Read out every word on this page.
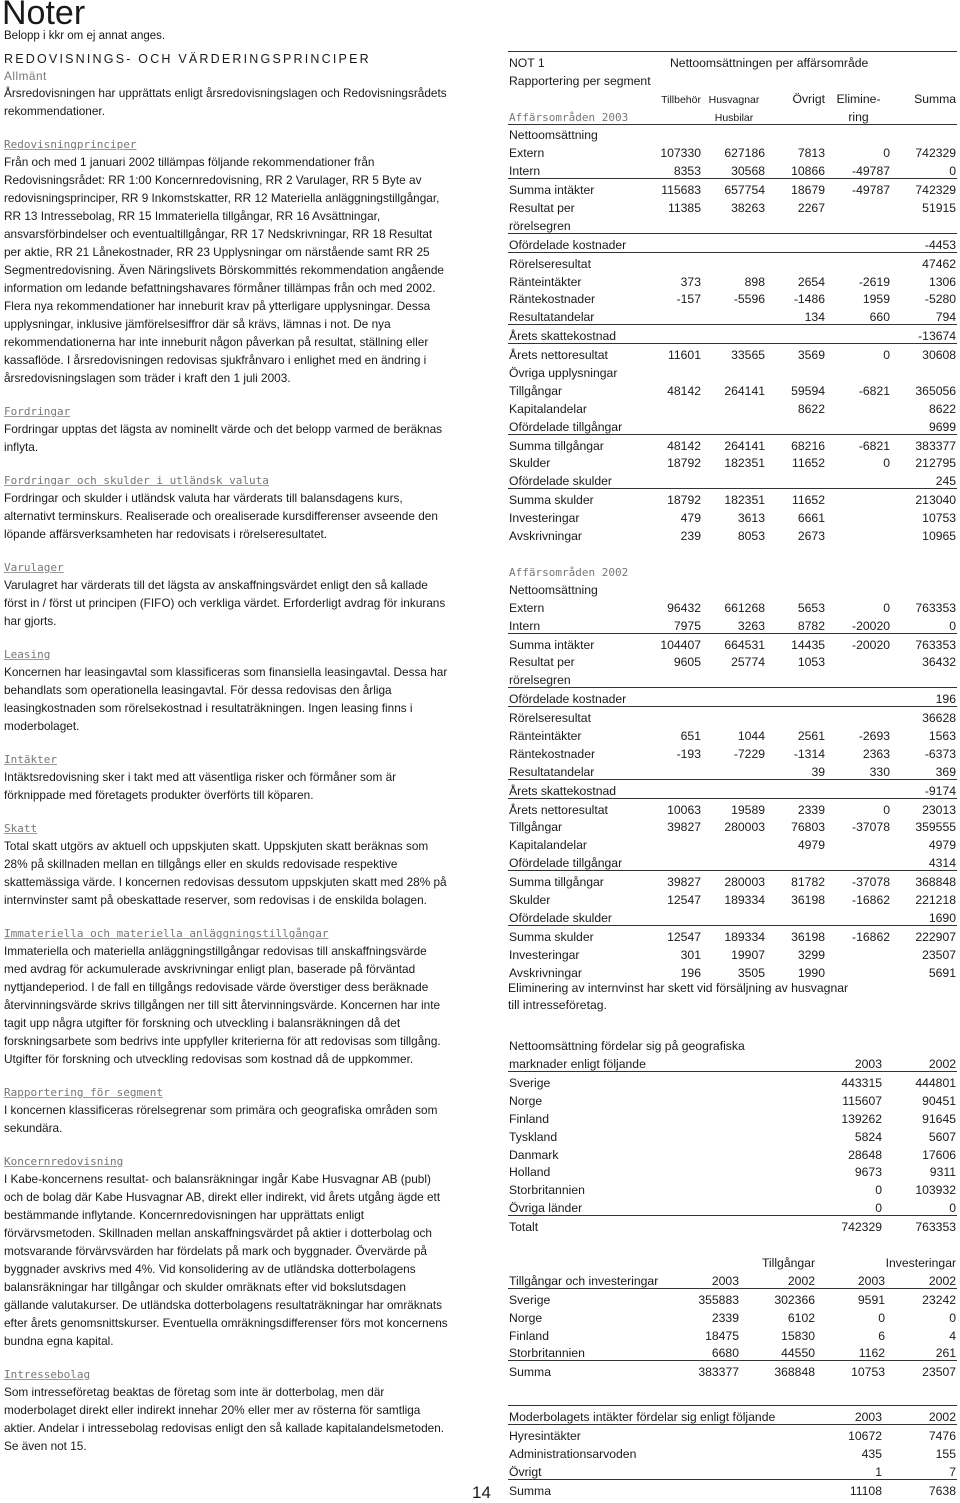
Noter
Belopp i kkr om ej annat anges.

REDOVISNINGS- OCH VÄRDERINGSPRINCIPER

Allmänt

Årsredovisningen har upprättats enligt årsredovisningslagen och Redovisningsrådets rekommendationer.

Redovisningprinciper

Från och med 1 januari 2002 tillämpas följande rekommendationer från Redovisningsrådet: RR 1:00 Koncernredovisning, RR 2 Varulager, RR 5 Byte av redovisningsprinciper, RR 9 Inkomstskatter, RR 12 Materiella anläggningstillgångar, RR 13 Intressebolag, RR 15 Immateriella tillgångar, RR 16 Avsättningar, ansvarsförbindelser och eventualtillgångar, RR 17 Nedskrivningar, RR 18 Resultat per aktie, RR 21 Lånekostnader, RR 23 Upplysningar om närstående samt RR 25 Segmentredovisning. Även Näringslivets Börskommittés rekommendation angående information om ledande befattningshavares förmåner tillämpas från och med 2002. Flera nya rekommendationer har inneburit krav på ytterligare upplysningar. Dessa upplysningar, inklusive jämförelsesiffror där så krävs, lämnas i not. De nya rekommendationerna har inte inneburit någon påverkan på resultat, ställning eller kassaflöde. I årsredovisningen redovisas sjukfrånvaro i enlighet med en ändring i årsredovisningslagen som träder i kraft den 1 juli 2003.

Fordringar

Fordringar upptas det lägsta av nominellt värde och det belopp varmed de beräknas inflyta.

Fordringar och skulder i utländsk valuta

Fordringar och skulder i utländsk valuta har värderats till balansdagens kurs, alternativt terminskurs. Realiserade och orealiserade kursdifferenser avseende den löpande affärsverksamheten har redovisats i rörelseresultatet.

Varulager

Varulagret har värderats till det lägsta av anskaffningsvärdet enligt den så kallade först in / först ut principen (FIFO) och verkliga värdet. Erforderligt avdrag för inkurans har gjorts.

Leasing

Koncernen har leasingavtal som klassificeras som finansiella leasingavtal. Dessa har behandlats som operationella leasingavtal. För dessa redovisas den årliga leasingkostnaden som rörelsekostnad i resultaträkningen. Ingen leasing finns i moderbolaget.

Intäkter

Intäktsredovisning sker i takt med att väsentliga risker och förmåner som är förknippade med företagets produkter överförts till köparen.

Skatt

Total skatt utgörs av aktuell och uppskjuten skatt. Uppskjuten skatt beräknas som 28% på skillnaden mellan en tillgångs eller en skulds redovisade respektive skattemässiga värde. I koncernen redovisas dessutom uppskjuten skatt med 28% på internvinster samt på obeskattade reserver, som redovisas i de enskilda bolagen.

Immateriella och materiella anläggningstillgångar

Immateriella och materiella anläggningstillgångar redovisas till anskaffningsvärde med avdrag för ackumulerade avskrivningar enligt plan, baserade på förväntad nyttjandeperiod. I de fall en tillgångs redovisade värde överstiger dess beräknade återvinningsvärde skrivs tillgången ner till sitt återvinningsvärde. Koncernen har inte tagit upp några utgifter för forskning och utveckling i balansräkningen då det forskningsarbete som bedrivs inte uppfyller kriterierna för att redovisas som tillgång. Utgifter för forskning och utveckling redovisas som kostnad då de uppkommer.

Rapportering för segment

I koncernen klassificeras rörelsegrenar som primära och geografiska områden som sekundära.

Koncernredovisning

I Kabe-koncernens resultat- och balansräkningar ingår Kabe Husvagnar AB (publ) och de bolag där Kabe Husvagnar AB, direkt eller indirekt, vid årets utgång ägde ett bestämmande inflytande. Koncernredovisningen har upprättats enligt förvärvsmetoden. Skillnaden mellan anskaffningsvärdet på aktier i dotterbolag och motsvarande förvärvsvärden har fördelats på mark och byggnader. Övervärde på byggnader avskrivs med 4%. Vid konsolidering av de utländska dotterbolagens balansräkningar har tillgångar och skulder omräknats efter vid bokslutsdagen gällande valutakurser. De utländska dotterbolagens resultaträkningar har omräknats efter årets genomsnittskurser. Eventuella omräkningsdifferenser förs mot koncernens bundna egna kapital.

Intressebolag

Som intresseföretag beaktas de företag som inte är dotterbolag, men där moderbolaget direkt eller indirekt innehar 20% eller mer av rösterna för samtliga aktier. Andelar i intressebolag redovisas enligt den så kallade kapitalandelsmetoden. Se även not 15.

14
NOT 1	Nettoomsättningen per affärsområde				
Rapportering per segment					
	Tillbehör	Husvagnar	Övrigt	Elimine-	Summa
Affärsområden 2003		Husbilar		ring	
Nettoomsättning					
Extern	107330	627186	7813	0	742329
Intern	8353	30568	10866	-49787	0
Summa intäkter	115683	657754	18679	-49787	742329
Resultat per	11385	38263	2267		51915
rörelsegren					
Ofördelade kostnader					-4453
Rörelseresultat					47462
Ränteintäkter	373	898	2654	-2619	1306
Räntekostnader	-157	-5596	-1486	1959	-5280
Resultatandelar			134	660	794
Årets skattekostnad					-13674
Årets nettoresultat	11601	33565	3569	0	30608
Övriga upplysningar					
Tillgångar	48142	264141	59594	-6821	365056
Kapitalandelar			8622		8622
Ofördelade tillgångar					9699
Summa tillgångar	48142	264141	68216	-6821	383377
Skulder	18792	182351	11652	0	212795
Ofördelade skulder					245
Summa skulder	18792	182351	11652		213040
Investeringar	479	3613	6661		10753
Avskrivningar	239	8053	2673		10965
Affärsområden 2002					
Nettoomsättning					
Extern	96432	661268	5653	0	763353
Intern	7975	3263	8782	-20020	0
Summa intäkter	104407	664531	14435	-20020	763353
Resultat per	9605	25774	1053		36432
rörelsegren					
Ofördelade kostnader					196
Rörelseresultat					36628
Ränteintäkter	651	1044	2561	-2693	1563
Räntekostnader	-193	-7229	-1314	2363	-6373
Resultatandelar			39	330	369
Årets skattekostnad					-9174
Årets nettoresultat	10063	19589	2339	0	23013
Tillgångar	39827	280003	76803	-37078	359555
Kapitalandelar			4979		4979
Ofördelade tillgångar					4314
Summa tillgångar	39827	280003	81782	-37078	368848
Skulder	12547	189334	36198	-16862	221218
Ofördelade skulder					1690
Summa skulder	12547	189334	36198	-16862	222907
Investeringar	301	19907	3299		23507
Avskrivningar	196	3505	1990		5691
Eliminering av internvinst har skett vid försäljning av husvagnar
till intresseföretag.
Nettoomsättning fördelar sig på geografiska		
marknader enligt följande	2003	2002
Sverige	443315	444801
Norge	115607	90451
Finland	139262	91645
Tyskland	5824	5607
Danmark	28648	17606
Holland	9673	9311
Storbritannien	0	103932
Övriga länder	0	0
Totalt	742329	763353
	Tillgångar		Investeringar	
Tillgångar och investeringar	2003	2002	2003	2002
Sverige	355883	302366	9591	23242
Norge	2339	6102	0	0
Finland	18475	15830	6	4
Storbritannien	6680	44550	1162	261
Summa	383377	368848	10753	23507
Moderbolagets intäkter fördelar sig enligt följande	2003	2002
Hyresintäkter	10672	7476
Administrationsarvoden	435	155
Övrigt	1	7
Summa	11108	7638
